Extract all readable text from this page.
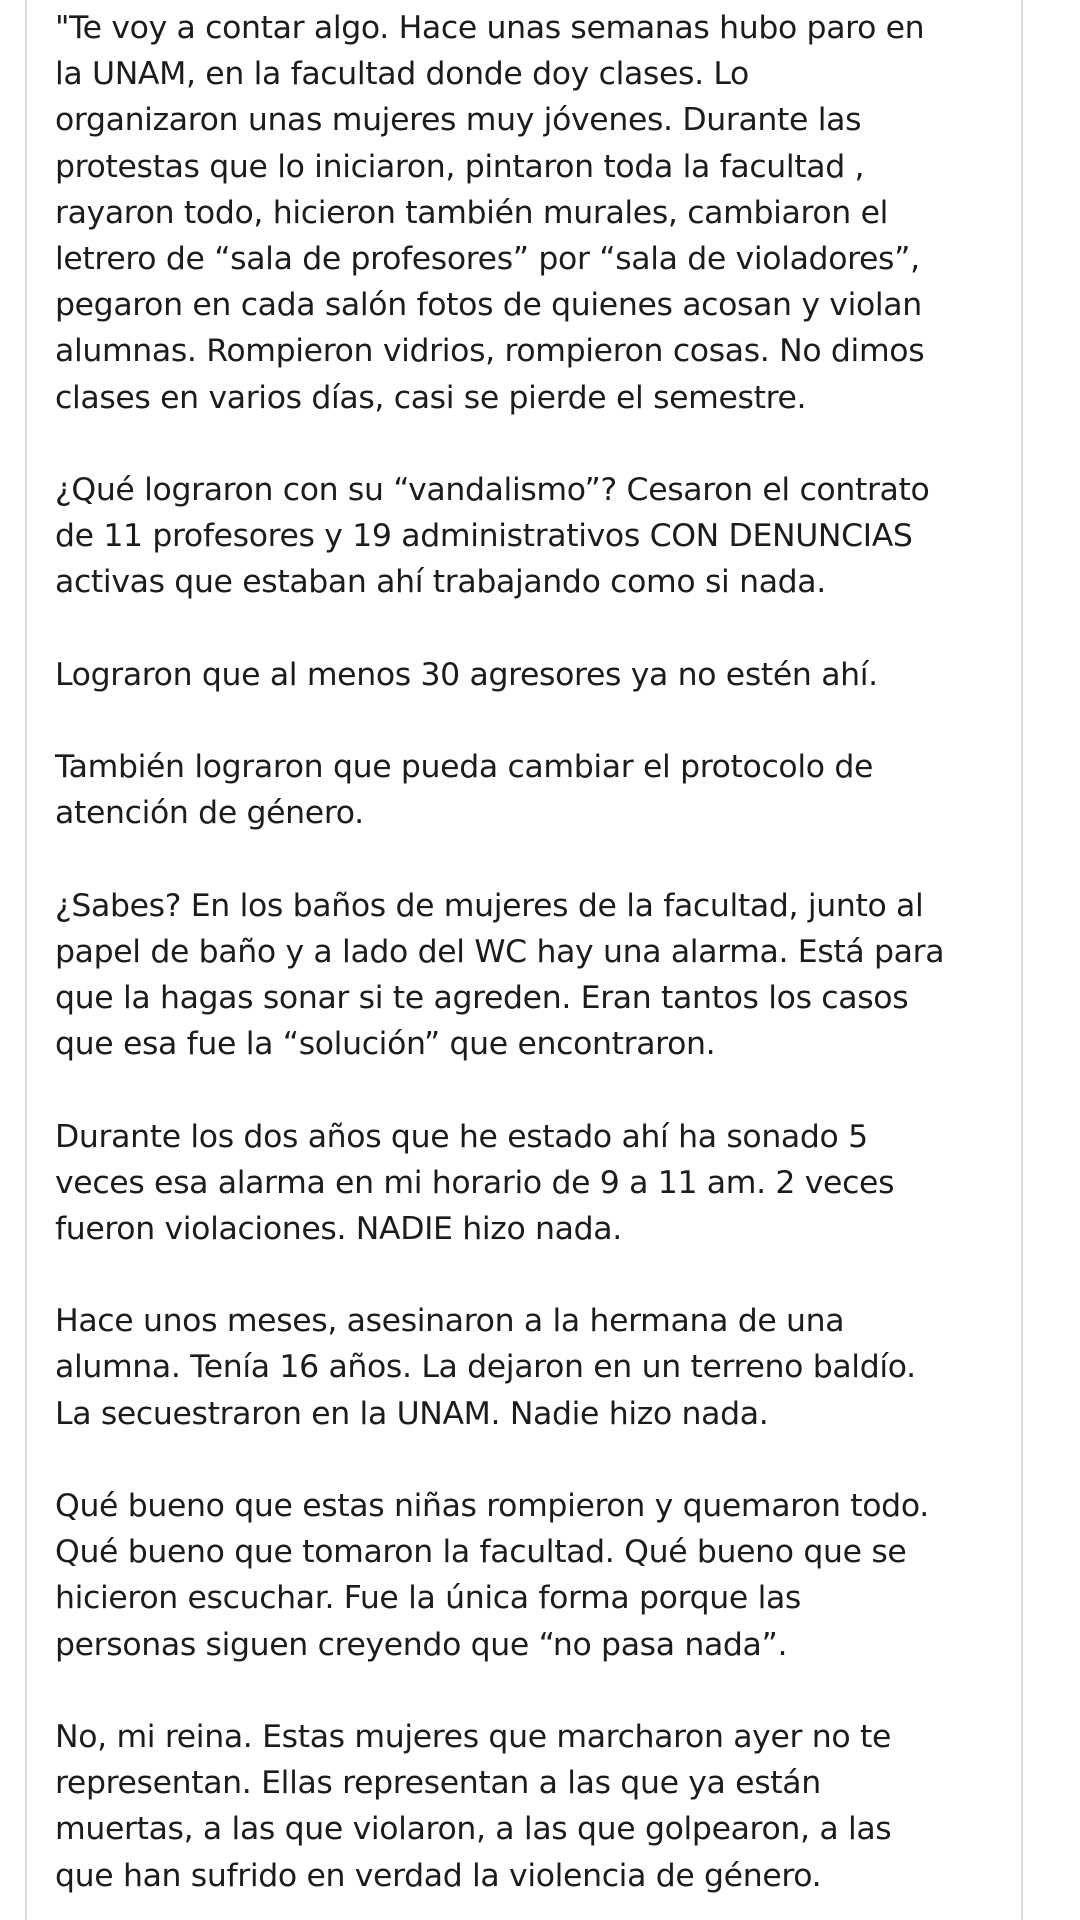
"Te voy a contar algo. Hace unas semanas hubo paro en
la UNAM, en la facultad donde doy clases. Lo
organizaron unas mujeres muy jóvenes. Durante las
protestas que lo iniciaron, pintaron toda la facultad ,
rayaron todo, hicieron también murales, cambiaron el
letrero de “sala de profesores” por “sala de violadores”,
pegaron en cada salón fotos de quienes acosan y violan
alumnas. Rompieron vidrios, rompieron cosas. No dimos
clases en varios días, casi se pierde el semestre.

¿Qué lograron con su “vandalismo”? Cesaron el contrato
de 11 profesores y 19 administrativos CON DENUNCIAS
activas que estaban ahí trabajando como si nada.

Lograron que al menos 30 agresores ya no estén ahí.

También lograron que pueda cambiar el protocolo de
atención de género.

¿Sabes? En los baños de mujeres de la facultad, junto al
papel de baño y a lado del WC hay una alarma. Está para
que la hagas sonar si te agreden. Eran tantos los casos
que esa fue la “solución” que encontraron.

Durante los dos años que he estado ahí ha sonado 5
veces esa alarma en mi horario de 9 a 11 am. 2 veces
fueron violaciones. NADIE hizo nada.

Hace unos meses, asesinaron a la hermana de una
alumna. Tenía 16 años. La dejaron en un terreno baldío.
La secuestraron en la UNAM. Nadie hizo nada.

Qué bueno que estas niñas rompieron y quemaron todo.
Qué bueno que tomaron la facultad. Qué bueno que se
hicieron escuchar. Fue la única forma porque las
personas siguen creyendo que “no pasa nada”.

No, mi reina. Estas mujeres que marcharon ayer no te
representan. Ellas representan a las que ya están
muertas, a las que violaron, a las que golpearon, a las
que han sufrido en verdad la violencia de género.
